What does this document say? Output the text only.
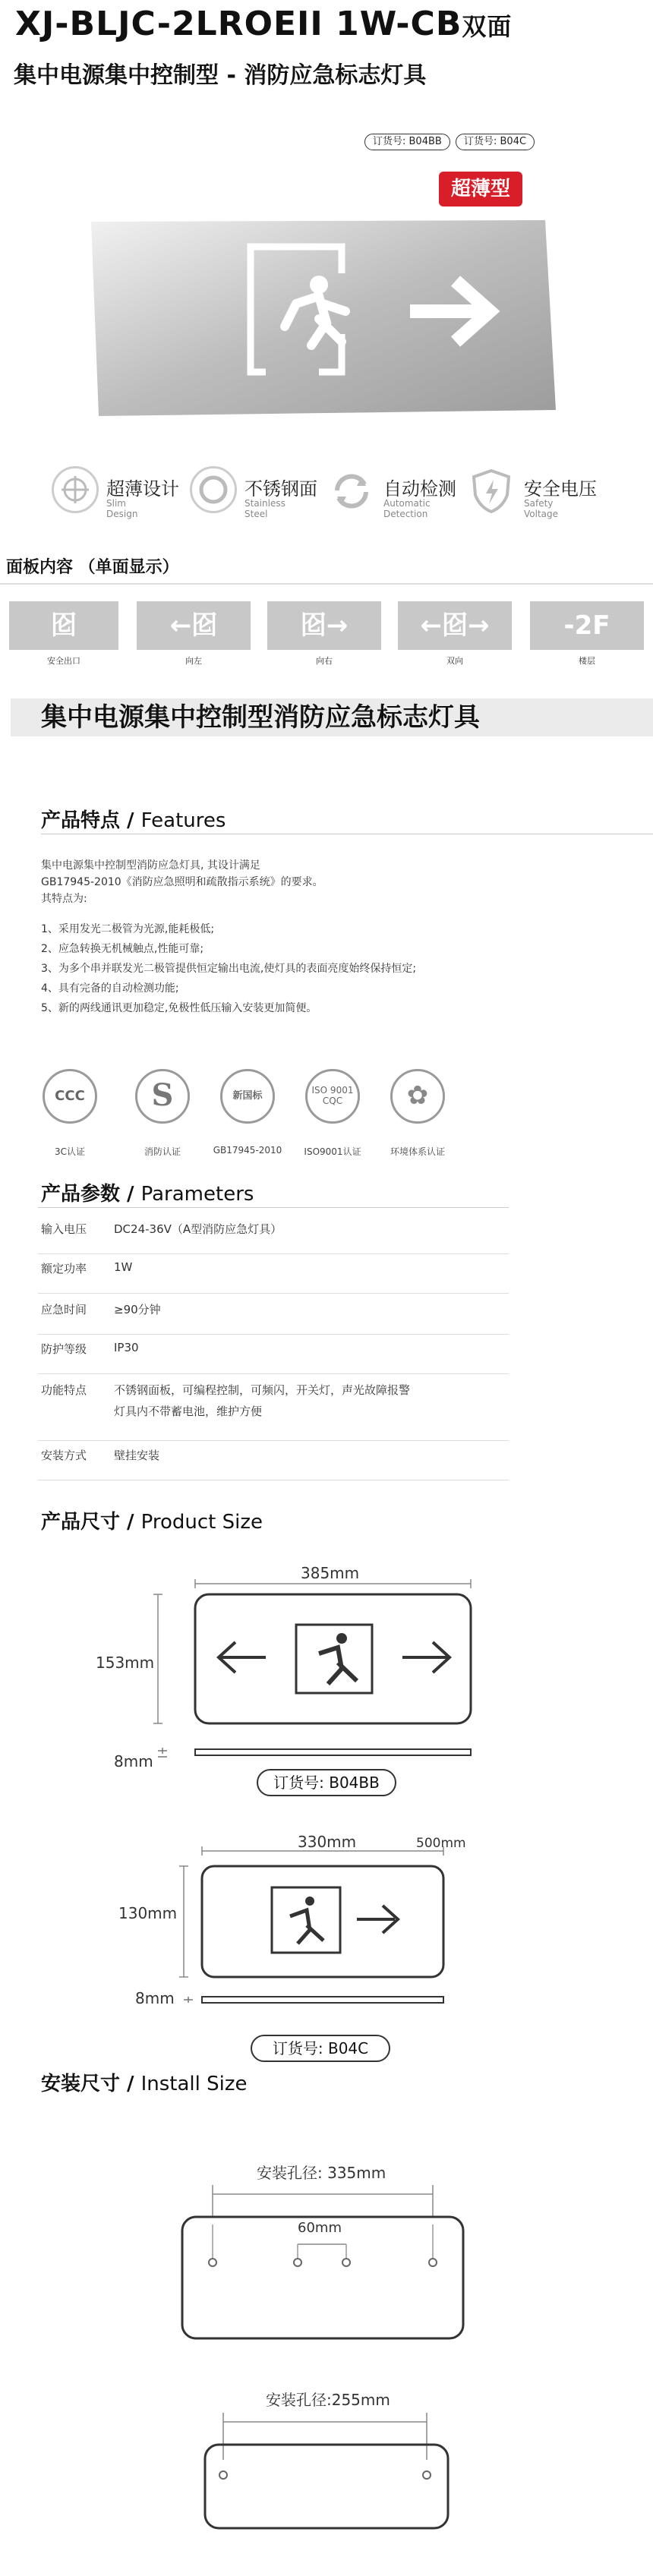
XJ-BLJC-2LROEII 1W-CB双面
集中电源集中控制型 - 消防应急标志灯具
订货号: B04BB	订货号: B04C
超薄型
超薄设计
Slim
Design
不锈钢面
Stainless
Steel
自动检测
Automatic
Detection
安全电压
Safety
Voltage
面板内容 （单面显示）
囵	←囵	囵→	←囵→	-2F
安全出口	向左	向右	双向	楼层
集中电源集中控制型消防应急标志灯具
产品特点 / Features
集中电源集中控制型消防应急灯具, 其设计满足
GB17945-2010《消防应急照明和疏散指示系统》的要求。
其特点为:
1、采用发光二极管为光源,能耗极低;
2、应急转换无机械触点,性能可靠;
3、为多个串并联发光二极管提供恒定输出电流,使灯具的表面亮度始终保持恒定;
4、具有完备的自动检测功能;
5、新的两线通讯更加稳定,免极性低压输入安装更加简便。
CCC	S	新国标	ISO 9001 CQC	✿
3C认证	消防认证	GB17945-2010	ISO9001认证	环境体系认证
产品参数 / Parameters
输入电压 DC24-36V（A型消防应急灯具）
额定功率 1W
应急时间 ≥90分钟
防护等级 IP30
功能特点 不锈钢面板，可编程控制，可频闪，开关灯，声光故障报警
灯具内不带蓄电池，维护方便
安装方式 壁挂安装
产品尺寸 / Product Size
385mm
153mm
8mm
订货号: B04BB
330mm	500mm
130mm
8mm
订货号: B04C
安装尺寸 / Install Size
安装孔径: 335mm
60mm
安装孔径:255mm
